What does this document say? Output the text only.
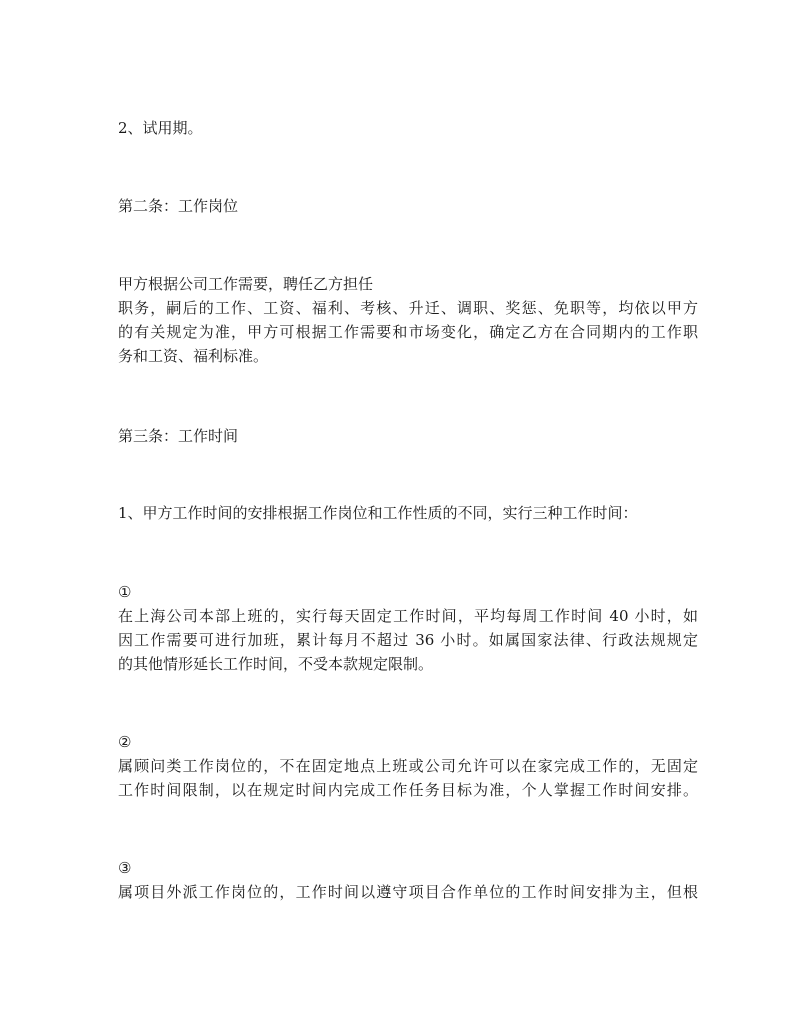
2、试用期。
第二条：工作岗位
甲方根据公司工作需要，聘任乙方担任
职务，嗣后的工作、工资、福利、考核、升迁、调职、奖惩、免职等，均依以甲方
的有关规定为准，甲方可根据工作需要和市场变化，确定乙方在合同期内的工作职
务和工资、福利标准。
第三条：工作时间
1、甲方工作时间的安排根据工作岗位和工作性质的不同，实行三种工作时间：
①
在上海公司本部上班的，实行每天固定工作时间，平均每周工作时间 40 小时，如
因工作需要可进行加班，累计每月不超过 36 小时。如属国家法律、行政法规规定
的其他情形延长工作时间，不受本款规定限制。
②
属顾问类工作岗位的，不在固定地点上班或公司允许可以在家完成工作的，无固定
工作时间限制，以在规定时间内完成工作任务目标为准，个人掌握工作时间安排。
③
属项目外派工作岗位的，工作时间以遵守项目合作单位的工作时间安排为主，但根
